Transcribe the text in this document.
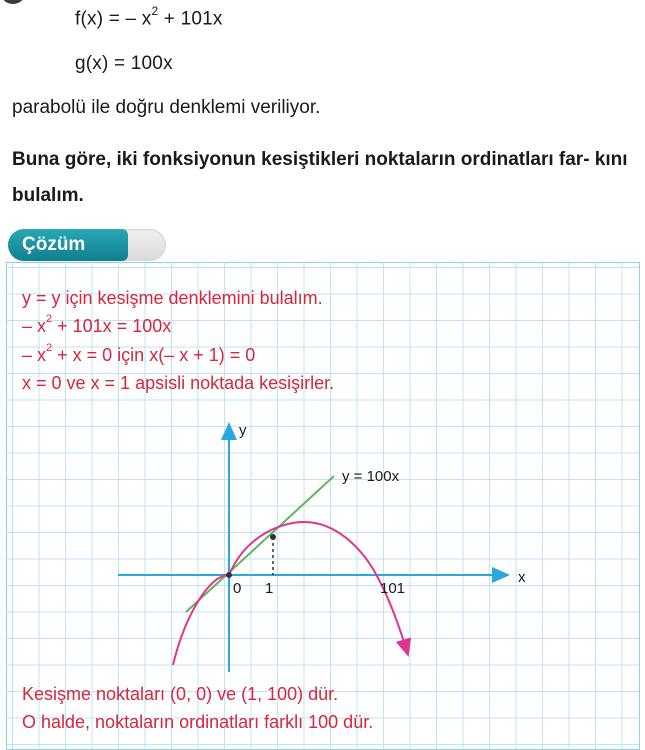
f(x) = – $x^2 + 101x$
g(x) = 100x
parabolü ile doğru denklemi veriliyor.
Buna göre, iki fonksiyonun kesiştikleri noktaların ordinatları far- kını bulalım.
Çözüm
y = y için kesişme denklemini bulalım.
– $x^2 + 101x = 100x$
– $x^2 + x = 0$ için x(– x + 1) = 0
x = 0 ve x = 1 apsisli noktada kesişirler.
y
x
y = 100x
0 1	101
Kesişme noktaları (0, 0) ve (1, 100) dür.
O halde, noktaların ordinatları farklı 100 dür.
